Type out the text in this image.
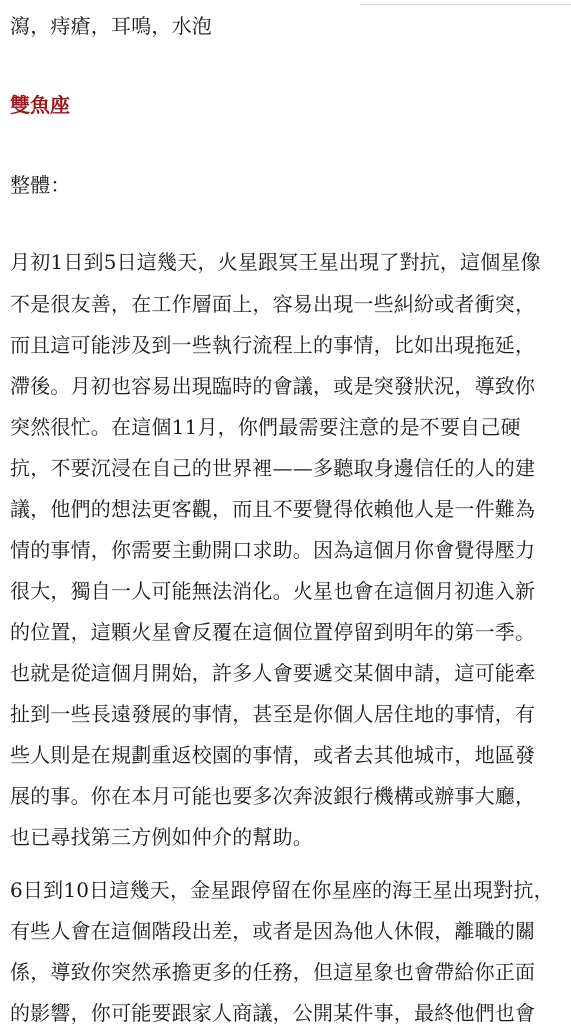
瀉，痔瘡，耳鳴，水泡
雙魚座
整體：
月初1日到5日這幾天，火星跟冥王星出現了對抗，這個星像
不是很友善，在工作層面上，容易出現一些糾紛或者衝突，
而且這可能涉及到一些執行流程上的事情，比如出現拖延，
滯後。月初也容易出現臨時的會議，或是突發狀況，導致你
突然很忙。在這個11月，你們最需要注意的是不要自己硬
抗，不要沉浸在自己的世界裡——多聽取身邊信任的人的建
議，他們的想法更客觀，而且不要覺得依賴他人是一件難為
情的事情，你需要主動開口求助。因為這個月你會覺得壓力
很大，獨自一人可能無法消化。火星也會在這個月初進入新
的位置，這顆火星會反覆在這個位置停留到明年的第一季。
也就是從這個月開始，許多人會要遞交某個申請，這可能牽
扯到一些長遠發展的事情，甚至是你個人居住地的事情，有
些人則是在規劃重返校園的事情，或者去其他城市，地區發
展的事。你在本月可能也要多次奔波銀行機構或辦事大廳，
也已尋找第三方例如仲介的幫助。
6日到10日這幾天，金星跟停留在你星座的海王星出現對抗，
有些人會在這個階段出差，或者是因為他人休假，離職的關
係，導致你突然承擔更多的任務，但這星象也會帶給你正面
的影響，你可能要跟家人商議，公開某件事，最終他們也會
